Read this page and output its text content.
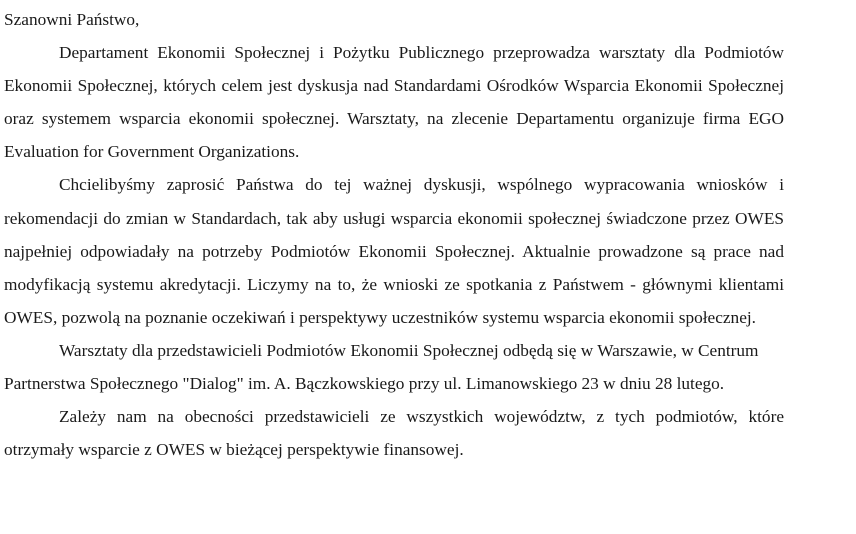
Szanowni Państwo,

Departament Ekonomii Społecznej i Pożytku Publicznego przeprowadza warsztaty dla Podmiotów Ekonomii Społecznej, których celem jest dyskusja nad Standardami Ośrodków Wsparcia Ekonomii Społecznej oraz systemem wsparcia ekonomii społecznej. Warsztaty, na zlecenie Departamentu organizuje firma EGO Evaluation for Government Organizations.

Chcielibyśmy zaprosić Państwa do tej ważnej dyskusji, wspólnego wypracowania wniosków i rekomendacji do zmian w Standardach, tak aby usługi wsparcia ekonomii społecznej świadczone przez OWES najpełniej odpowiadały na potrzeby Podmiotów Ekonomii Społecznej. Aktualnie prowadzone są prace nad modyfikacją systemu akredytacji. Liczymy na to, że wnioski ze spotkania z Państwem - głównymi klientami OWES, pozwolą na poznanie oczekiwań i perspektywy uczestników systemu wsparcia ekonomii społecznej.

Warsztaty dla przedstawicieli Podmiotów Ekonomii Społecznej odbędą się w Warszawie, w Centrum Partnerstwa Społecznego "Dialog" im. A. Bączkowskiego przy ul. Limanowskiego 23 w dniu 28 lutego.

Zależy nam na obecności przedstawicieli ze wszystkich województw, z tych podmiotów, które otrzymały wsparcie z OWES w bieżącej perspektywie finansowej.
